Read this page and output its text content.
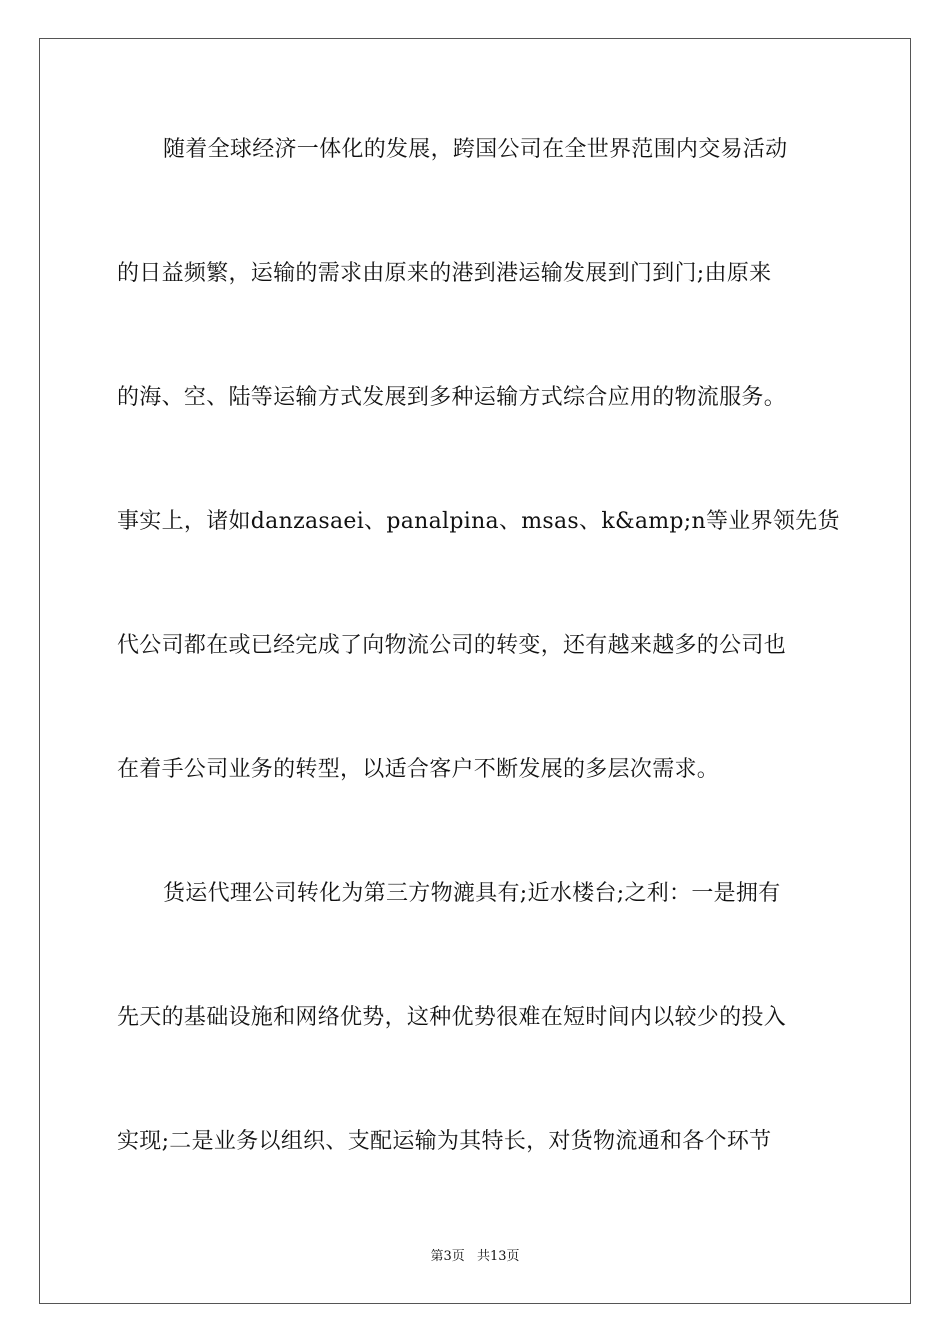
随着全球经济一体化的发展，跨国公司在全世界范围内交易活动
的日益频繁，运输的需求由原来的港到港运输发展到门到门;由原来
的海、空、陆等运输方式发展到多种运输方式综合应用的物流服务。
事实上，诸如danzasaei、panalpina、msas、k&amp;n等业界领先货
代公司都在或已经完成了向物流公司的转变，还有越来越多的公司也
在着手公司业务的转型，以适合客户不断发展的多层次需求。
货运代理公司转化为第三方物漉具有;近水楼台;之利：一是拥有
先天的基础设施和网络优势，这种优势很难在短时间内以较少的投入
实现;二是业务以组织、支配运输为其特长，对货物流通和各个环节
第3页 共13页
